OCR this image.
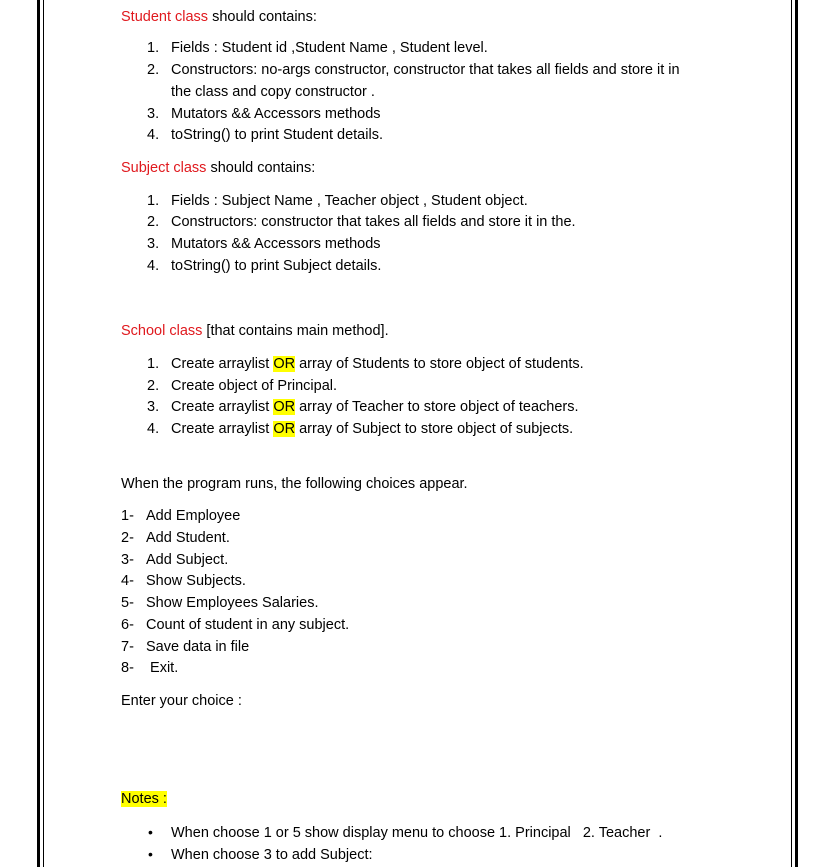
Student class should contains:
1. Fields : Student id ,Student Name , Student level.
2. Constructors: no-args constructor, constructor that takes all fields and store it in
the class and copy constructor .
3. Mutators && Accessors methods
4. toString() to print Student details.
Subject class should contains:
1. Fields : Subject Name , Teacher object , Student object.
2. Constructors: constructor that takes all fields and store it in the.
3. Mutators && Accessors methods
4. toString() to print Subject details.
School class [that contains main method].
1. Create arraylist OR array of Students to store object of students.
2. Create object of Principal.
3. Create arraylist OR array of Teacher to store object of teachers.
4. Create arraylist OR array of Subject to store object of subjects.
When the program runs, the following choices appear.
1- Add Employee
2- Add Student.
3- Add Subject.
4- Show Subjects.
5- Show Employees Salaries.
6- Count of student in any subject.
7- Save data in file
8- Exit.
Enter your choice :
Notes :
• When choose 1 or 5 show display menu to choose 1. Principal   2. Teacher  .
• When choose 3 to add Subject:
